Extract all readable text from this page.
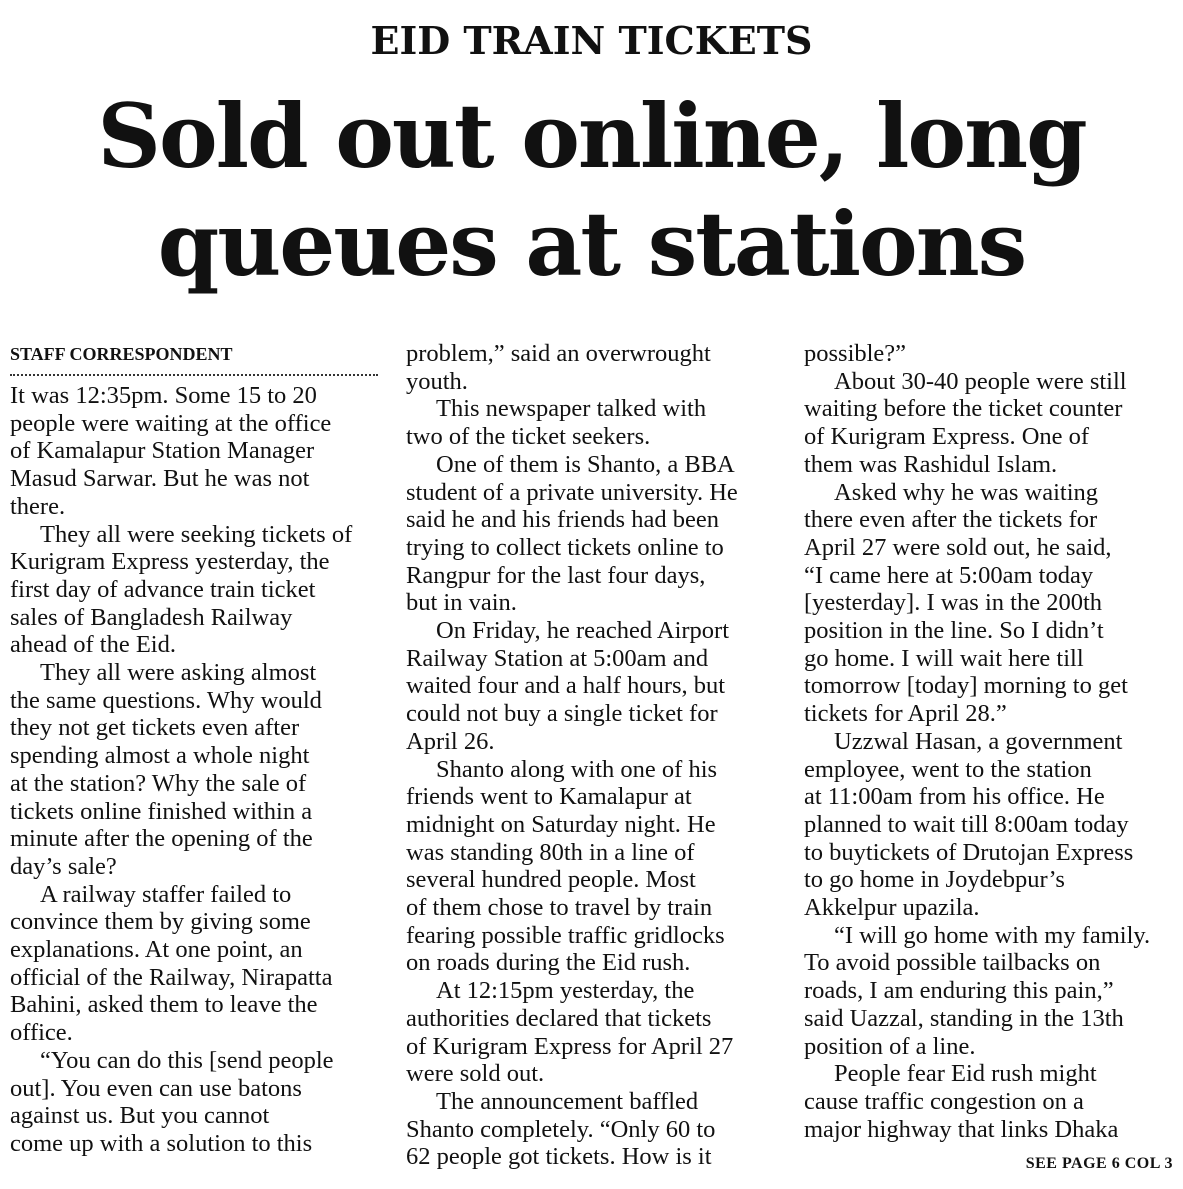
EID TRAIN TICKETS
Sold out online, long
queues at stations
STAFF CORRESPONDENT
It was 12:35pm. Some 15 to 20
people were waiting at the office
of Kamalapur Station Manager
Masud Sarwar. But he was not
there.
They all were seeking tickets of
Kurigram Express yesterday, the
first day of advance train ticket
sales of Bangladesh Railway
ahead of the Eid.
They all were asking almost
the same questions. Why would
they not get tickets even after
spending almost a whole night
at the station? Why the sale of
tickets online finished within a
minute after the opening of the
day’s sale?
A railway staffer failed to
convince them by giving some
explanations. At one point, an
official of the Railway, Nirapatta
Bahini, asked them to leave the
office.
“You can do this [send people
out]. You even can use batons
against us. But you cannot
come up with a solution to this
problem,” said an overwrought
youth.
This newspaper talked with
two of the ticket seekers.
One of them is Shanto, a BBA
student of a private university. He
said he and his friends had been
trying to collect tickets online to
Rangpur for the last four days,
but in vain.
On Friday, he reached Airport
Railway Station at 5:00am and
waited four and a half hours, but
could not buy a single ticket for
April 26.
Shanto along with one of his
friends went to Kamalapur at
midnight on Saturday night. He
was standing 80th in a line of
several hundred people. Most
of them chose to travel by train
fearing possible traffic gridlocks
on roads during the Eid rush.
At 12:15pm yesterday, the
authorities declared that tickets
of Kurigram Express for April 27
were sold out.
The announcement baffled
Shanto completely. “Only 60 to
62 people got tickets. How is it
possible?”
About 30-40 people were still
waiting before the ticket counter
of Kurigram Express. One of
them was Rashidul Islam.
Asked why he was waiting
there even after the tickets for
April 27 were sold out, he said,
“I came here at 5:00am today
[yesterday]. I was in the 200th
position in the line. So I didn’t
go home. I will wait here till
tomorrow [today] morning to get
tickets for April 28.”
Uzzwal Hasan, a government
employee, went to the station
at 11:00am from his office. He
planned to wait till 8:00am today
to buytickets of Drutojan Express
to go home in Joydebpur’s
Akkelpur upazila.
“I will go home with my family.
To avoid possible tailbacks on
roads, I am enduring this pain,”
said Uazzal, standing in the 13th
position of a line.
People fear Eid rush might
cause traffic congestion on a
major highway that links Dhaka
SEE PAGE 6 COL 3
